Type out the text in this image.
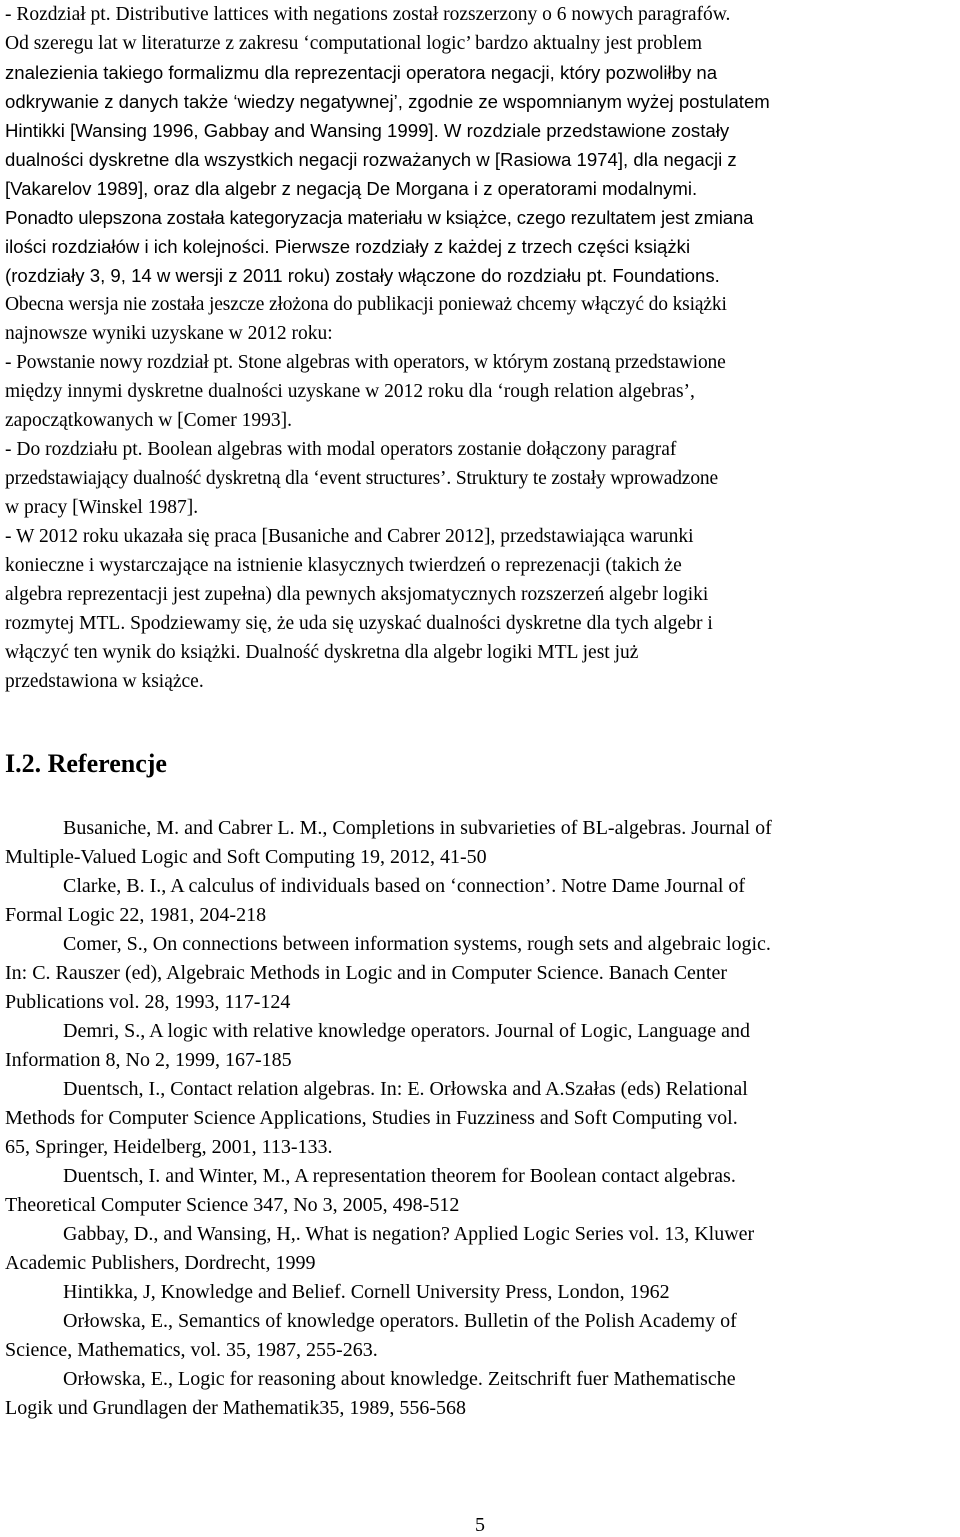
- Rozdział pt. Distributive lattices with negations został rozszerzony o 6 nowych paragrafów.
Od szeregu lat w literaturze z zakresu ‘computational logic’ bardzo aktualny jest problem
znalezienia takiego formalizmu dla reprezentacji operatora negacji, który pozwoliłby na
odkrywanie z danych także ‘wiedzy negatywnej’, zgodnie ze wspomnianym wyżej postulatem
Hintikki [Wansing 1996, Gabbay and Wansing 1999]. W rozdziale przedstawione zostały
dualności dyskretne dla wszystkich negacji rozważanych w [Rasiowa 1974], dla negacji z
[Vakarelov 1989], oraz dla algebr z negacją De Morgana i z operatorami modalnymi.
Ponadto ulepszona została kategoryzacja materiału w książce, czego rezultatem jest zmiana
ilości rozdziałów i ich kolejności. Pierwsze rozdziały z każdej z trzech części książki
(rozdziały 3, 9, 14 w wersji z 2011 roku) zostały włączone do rozdziału pt. Foundations.
Obecna wersja nie została jeszcze złożona do publikacji ponieważ chcemy włączyć do książki
najnowsze wyniki uzyskane w 2012 roku:
- Powstanie nowy rozdział pt. Stone algebras with operators, w którym zostaną przedstawione
między innymi dyskretne dualności uzyskane w 2012 roku dla ‘rough relation algebras’,
zapoczątkowanych w [Comer 1993].
- Do rozdziału pt. Boolean algebras with modal operators zostanie dołączony paragraf
przedstawiający dualność dyskretną dla ‘event structures’. Struktury te zostały wprowadzone
w pracy [Winskel 1987].
- W 2012 roku ukazała się praca [Busaniche and Cabrer 2012], przedstawiająca warunki
konieczne i wystarczające na istnienie klasycznych twierdzeń o reprezenacji (takich że
algebra reprezentacji jest zupełna) dla pewnych aksjomatycznych rozszerzeń algebr logiki
rozmytej MTL. Spodziewamy się, że uda się uzyskać dualności dyskretne dla tych algebr i
włączyć ten wynik do książki. Dualność dyskretna dla algebr logiki MTL jest już
przedstawiona w książce.
I.2. Referencje
Busaniche, M. and Cabrer L. M., Completions in subvarieties of BL-algebras. Journal of
Multiple-Valued Logic and Soft Computing 19, 2012, 41-50
Clarke, B. I., A calculus of individuals based on ‘connection’. Notre Dame Journal of
Formal Logic 22, 1981, 204-218
Comer, S., On connections between information systems, rough sets and algebraic logic.
In: C. Rauszer (ed), Algebraic Methods in Logic and in Computer Science. Banach Center
Publications vol. 28, 1993, 117-124
Demri, S., A logic with relative knowledge operators. Journal of Logic, Language and
Information 8, No 2, 1999, 167-185
Duentsch, I., Contact relation algebras. In: E. Orłowska and A.Szałas (eds) Relational
Methods for Computer Science Applications, Studies in Fuzziness and Soft Computing vol.
65, Springer, Heidelberg, 2001, 113-133.
Duentsch, I. and Winter, M., A representation theorem for Boolean contact algebras.
Theoretical Computer Science 347, No 3, 2005, 498-512
Gabbay, D., and Wansing, H,. What is negation? Applied Logic Series vol. 13, Kluwer
Academic Publishers, Dordrecht, 1999
Hintikka, J, Knowledge and Belief. Cornell University Press, London, 1962
Orłowska, E., Semantics of knowledge operators. Bulletin of the Polish Academy of
Science, Mathematics, vol. 35, 1987, 255-263.
Orłowska, E., Logic for reasoning about knowledge. Zeitschrift fuer Mathematische
Logik und Grundlagen der Mathematik35, 1989, 556-568
5
